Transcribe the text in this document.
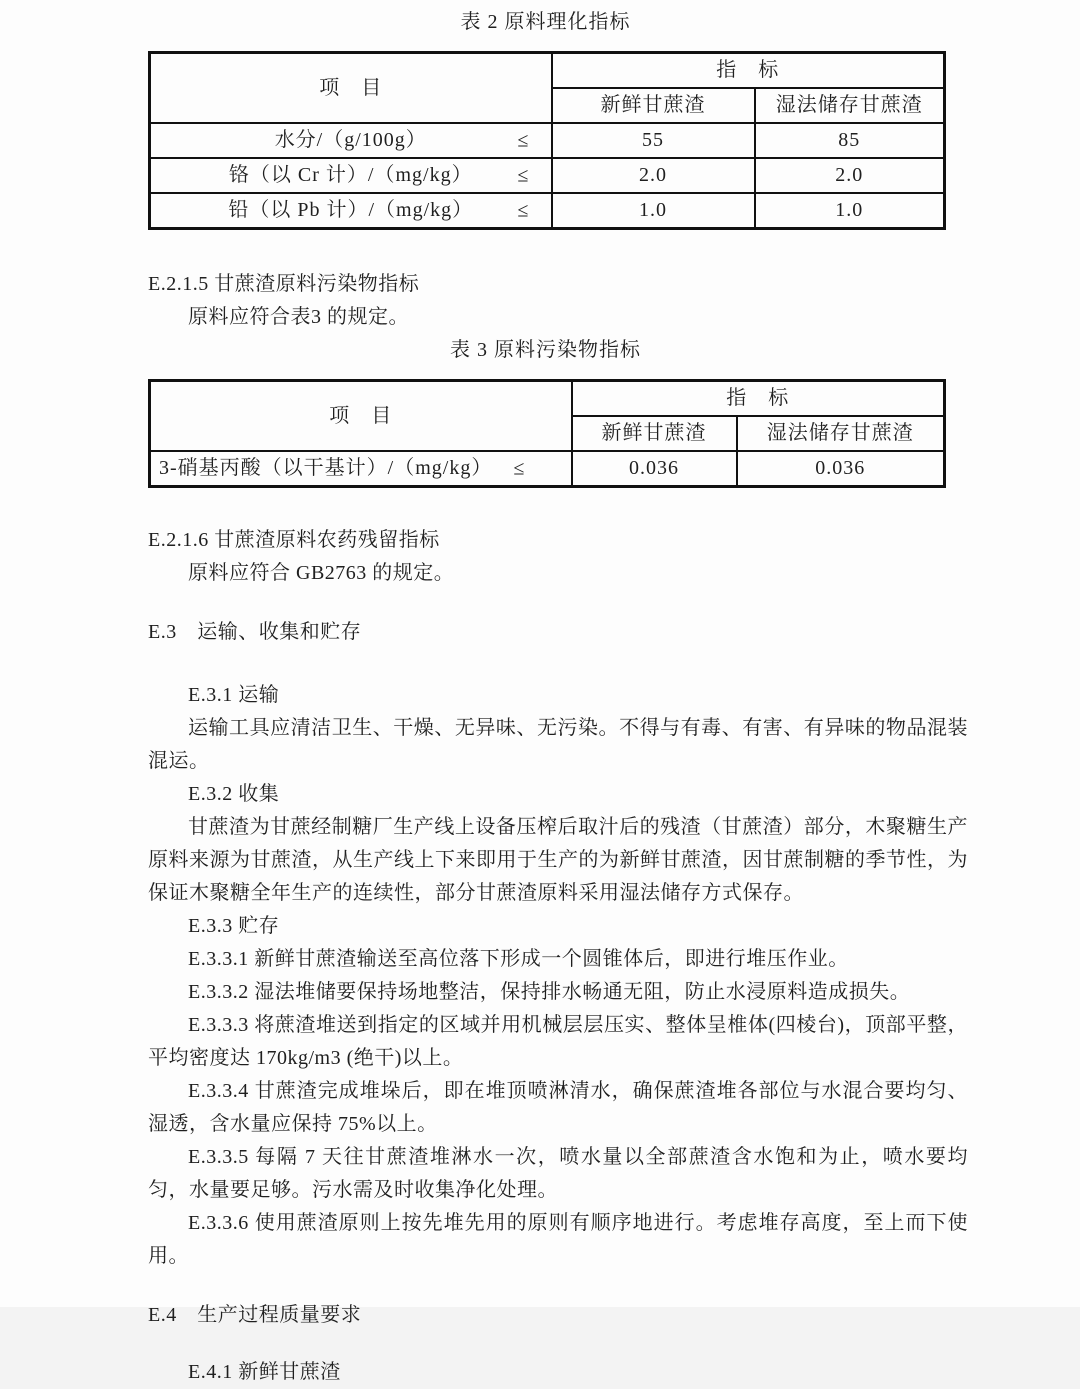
表 2 原料理化指标
项　目	指　标	
	新鲜甘蔗渣	湿法储存甘蔗渣
水分/（g/100g） ≤	55	85
铬（以 Cr 计）/（mg/kg） ≤	2.0	2.0
铅（以 Pb 计）/（mg/kg） ≤	1.0	1.0

E.2.1.5 甘蔗渣原料污染物指标

原料应符合表3 的规定。

表 3 原料污染物指标
项　目	指　标	
	新鲜甘蔗渣	湿法储存甘蔗渣
3-硝基丙酸（以干基计）/（mg/kg） ≤	0.036	0.036

E.2.1.6 甘蔗渣原料农药残留指标

原料应符合 GB2763 的规定。

E.3　运输、收集和贮存

E.3.1 运输

运输工具应清洁卫生、干燥、无异味、无污染。不得与有毒、有害、有异味的物品混装混运。

E.3.2 收集

甘蔗渣为甘蔗经制糖厂生产线上设备压榨后取汁后的残渣（甘蔗渣）部分，木聚糖生产原料来源为甘蔗渣，从生产线上下来即用于生产的为新鲜甘蔗渣，因甘蔗制糖的季节性，为保证木聚糖全年生产的连续性，部分甘蔗渣原料采用湿法储存方式保存。

E.3.3 贮存

E.3.3.1 新鲜甘蔗渣输送至高位落下形成一个圆锥体后，即进行堆压作业。

E.3.3.2 湿法堆储要保持场地整洁，保持排水畅通无阻，防止水浸原料造成损失。

E.3.3.3 将蔗渣堆送到指定的区域并用机械层层压实、整体呈椎体(四棱台)，顶部平整，平均密度达 170kg/m3 (绝干)以上。

E.3.3.4 甘蔗渣完成堆垛后，即在堆顶喷淋清水，确保蔗渣堆各部位与水混合要均匀、湿透，含水量应保持 75%以上。

E.3.3.5 每隔 7 天往甘蔗渣堆淋水一次，喷水量以全部蔗渣含水饱和为止，喷水要均匀，水量要足够。污水需及时收集净化处理。

E.3.3.6 使用蔗渣原则上按先堆先用的原则有顺序地进行。考虑堆存高度，至上而下使用。

E.4　生产过程质量要求

E.4.1 新鲜甘蔗渣
